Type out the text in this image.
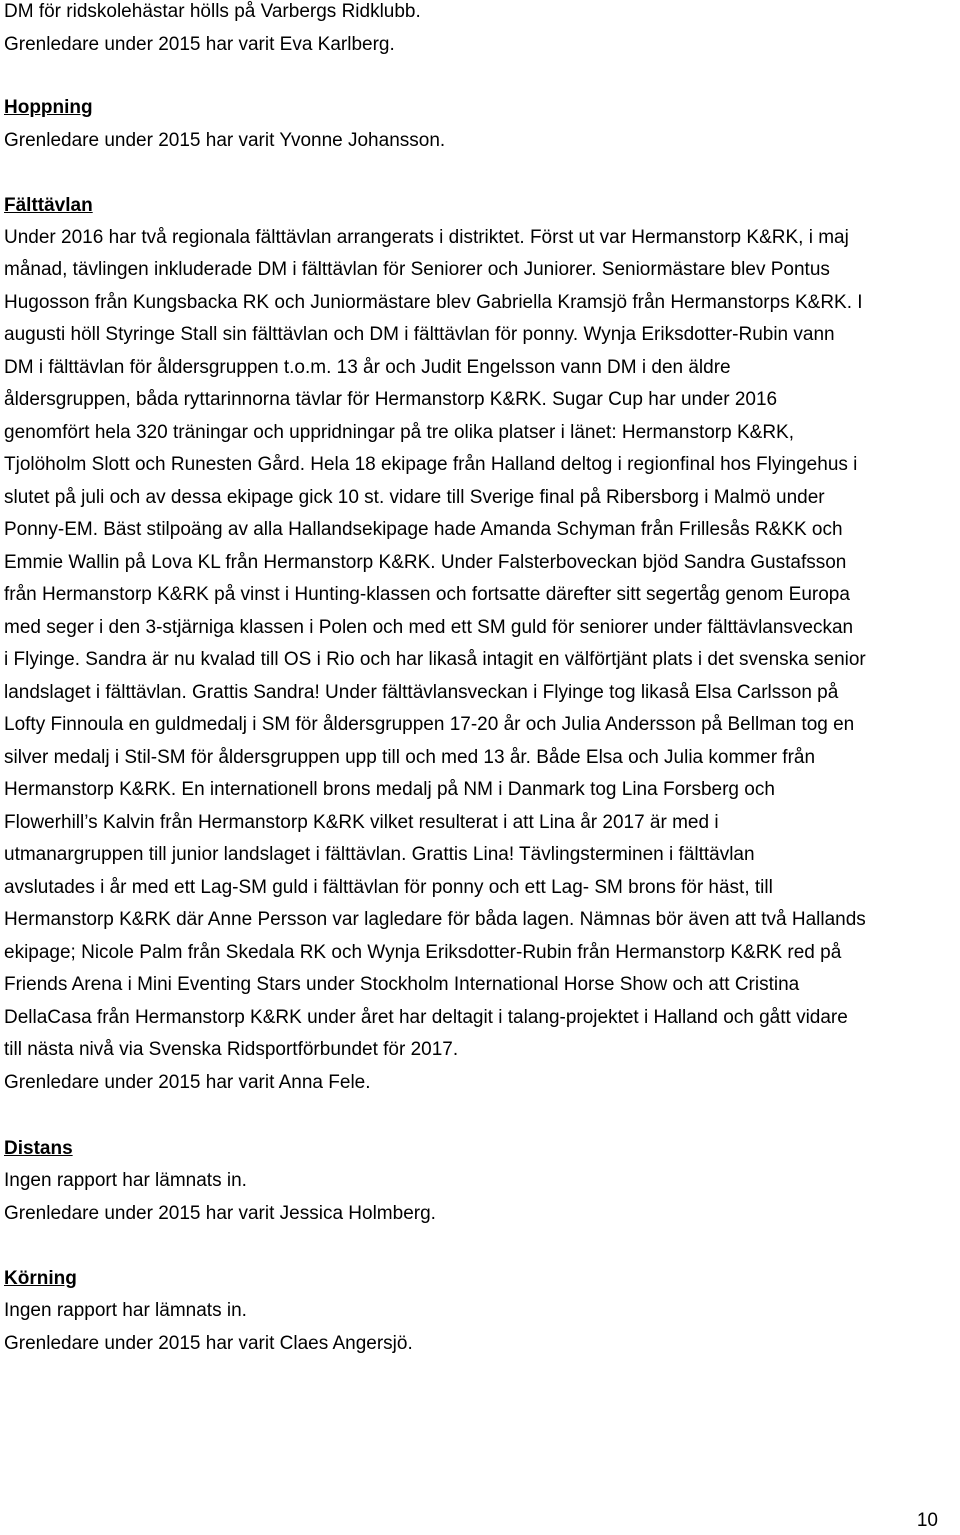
DM för ridskolehästar hölls på Varbergs Ridklubb.
Grenledare under 2015 har varit Eva Karlberg.
Hoppning
Grenledare under 2015 har varit Yvonne Johansson.
Fälttävlan
Under 2016 har två regionala fälttävlan arrangerats i distriktet. Först ut var Hermanstorp K&RK, i maj
månad, tävlingen inkluderade DM i fälttävlan för Seniorer och Juniorer. Seniormästare blev Pontus
Hugosson från Kungsbacka RK och Juniormästare blev Gabriella Kramsjö från Hermanstorps K&RK. I
augusti höll Styringe Stall sin fälttävlan och DM i fälttävlan för ponny. Wynja Eriksdotter-Rubin vann
DM i fälttävlan för åldersgruppen t.o.m. 13 år och Judit Engelsson vann DM i den äldre
åldersgruppen, båda ryttarinnorna tävlar för Hermanstorp K&RK. Sugar Cup har under 2016
genomfört hela 320 träningar och uppridningar på tre olika platser i länet: Hermanstorp K&RK,
Tjolöholm Slott och Runesten Gård. Hela 18 ekipage från Halland deltog i regionfinal hos Flyingehus i
slutet på juli och av dessa ekipage gick 10 st. vidare till Sverige final på Ribersborg i Malmö under
Ponny-EM. Bäst stilpoäng av alla Hallandsekipage hade Amanda Schyman från Frillesås R&KK och
Emmie Wallin på Lova KL från Hermanstorp K&RK. Under Falsterboveckan bjöd Sandra Gustafsson
från Hermanstorp K&RK på vinst i Hunting-klassen och fortsatte därefter sitt segertåg genom Europa
med seger i den 3-stjärniga klassen i Polen och med ett SM guld för seniorer under fälttävlansveckan
i Flyinge. Sandra är nu kvalad till OS i Rio och har likaså intagit en välförtjänt plats i det svenska senior
landslaget i fälttävlan. Grattis Sandra! Under fälttävlansveckan i Flyinge tog likaså Elsa Carlsson på
Lofty Finnoula en guldmedalj i SM för åldersgruppen 17-20 år och Julia Andersson på Bellman tog en
silver medalj i Stil-SM för åldersgruppen upp till och med 13 år. Både Elsa och Julia kommer från
Hermanstorp K&RK. En internationell brons medalj på NM i Danmark tog Lina Forsberg och
Flowerhill’s Kalvin från Hermanstorp K&RK vilket resulterat i att Lina år 2017 är med i
utmanargruppen till junior landslaget i fälttävlan. Grattis Lina! Tävlingsterminen i fälttävlan
avslutades i år med ett Lag-SM guld i fälttävlan för ponny och ett Lag- SM brons för häst, till
Hermanstorp K&RK där Anne Persson var lagledare för båda lagen. Nämnas bör även att två Hallands
ekipage; Nicole Palm från Skedala RK och Wynja Eriksdotter-Rubin från Hermanstorp K&RK red på
Friends Arena i Mini Eventing Stars under Stockholm International Horse Show och att Cristina
DellaCasa från Hermanstorp K&RK under året har deltagit i talang-projektet i Halland och gått vidare
till nästa nivå via Svenska Ridsportförbundet för 2017.
Grenledare under 2015 har varit Anna Fele.
Distans
Ingen rapport har lämnats in.
Grenledare under 2015 har varit Jessica Holmberg.
Körning
Ingen rapport har lämnats in.
Grenledare under 2015 har varit Claes Angersjö.
10
